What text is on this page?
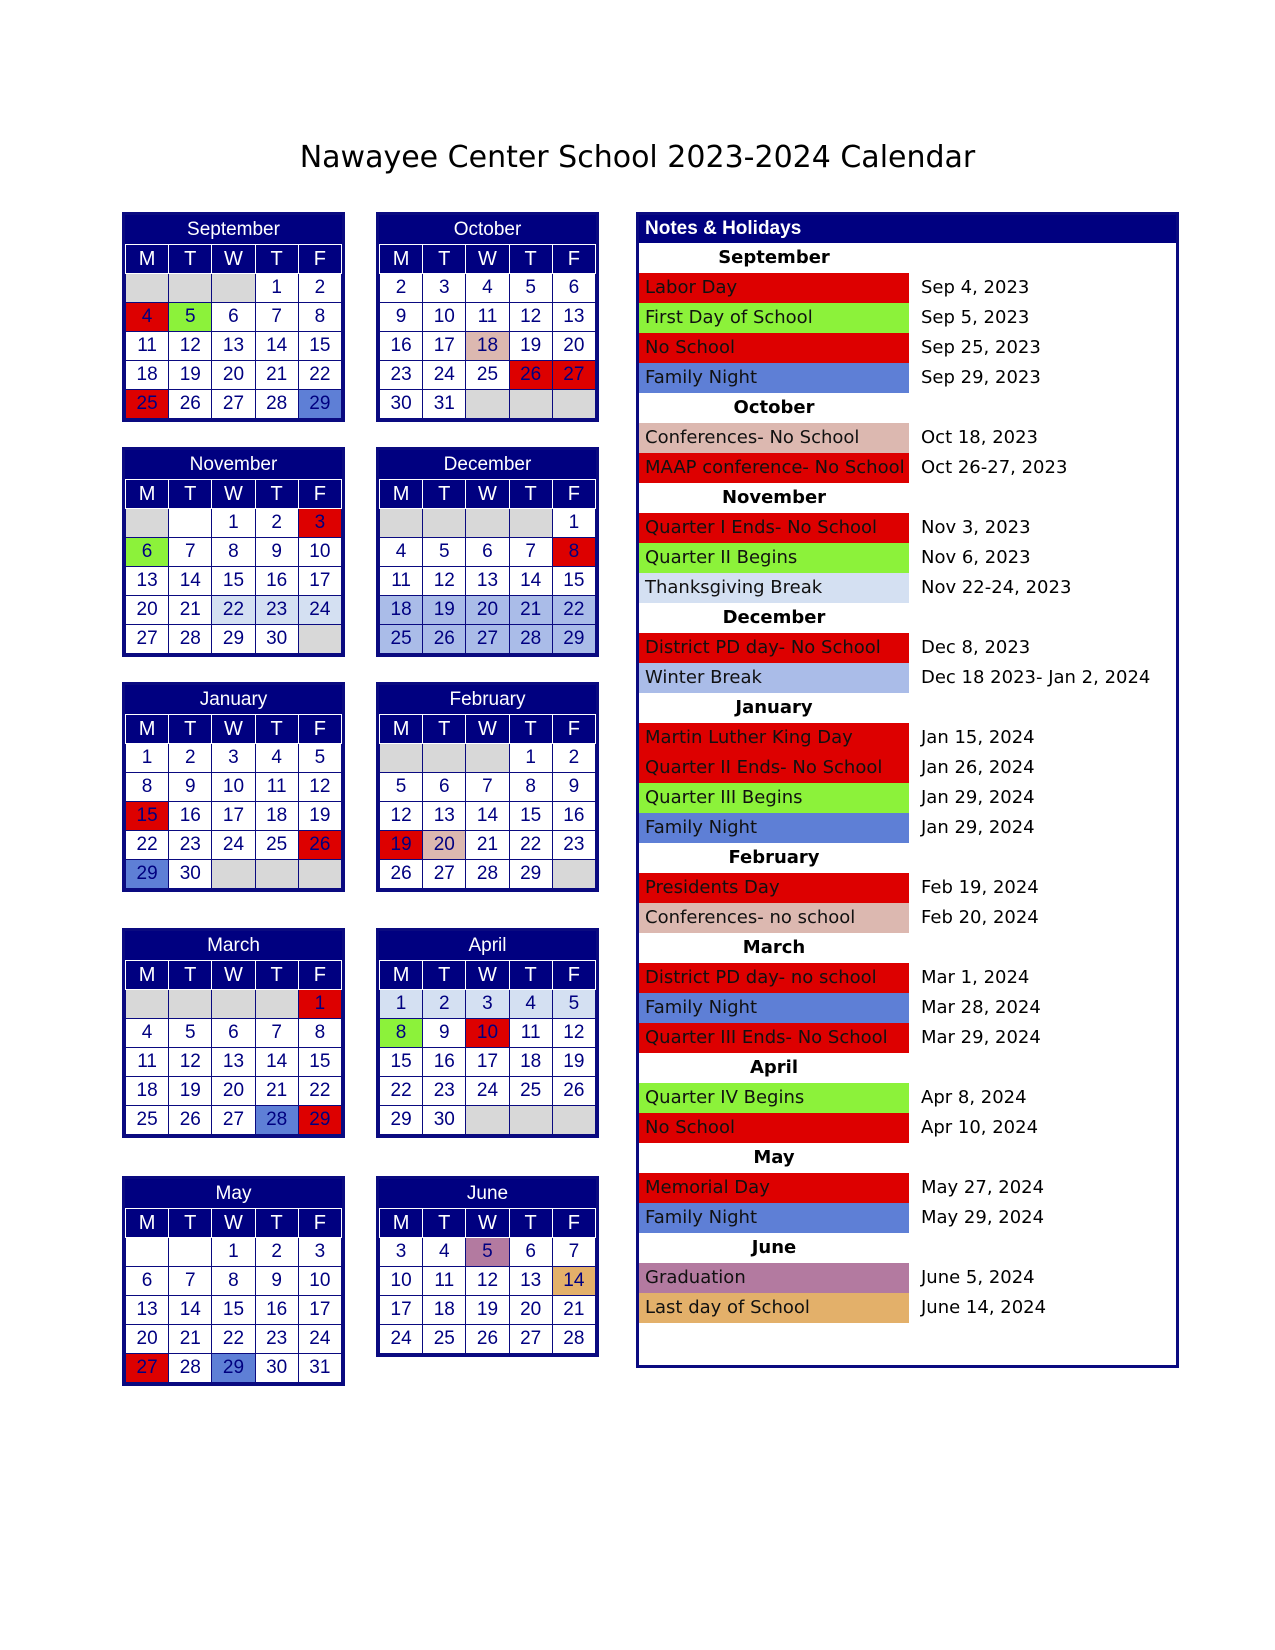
Nawayee Center School 2023-2024 Calendar
September
M	T	W	T	F
			1	2
4	5	6	7	8
11	12	13	14	15
18	19	20	21	22
25	26	27	28	29
October
M	T	W	T	F
2	3	4	5	6
9	10	11	12	13
16	17	18	19	20
23	24	25	26	27
30	31			
November
M	T	W	T	F
		1	2	3
6	7	8	9	10
13	14	15	16	17
20	21	22	23	24
27	28	29	30	
December
M	T	W	T	F
				1
4	5	6	7	8
11	12	13	14	15
18	19	20	21	22
25	26	27	28	29
January
M	T	W	T	F
1	2	3	4	5
8	9	10	11	12
15	16	17	18	19
22	23	24	25	26
29	30			
February
M	T	W	T	F
			1	2
5	6	7	8	9
12	13	14	15	16
19	20	21	22	23
26	27	28	29	
March
M	T	W	T	F
				1
4	5	6	7	8
11	12	13	14	15
18	19	20	21	22
25	26	27	28	29
April
M	T	W	T	F
1	2	3	4	5
8	9	10	11	12
15	16	17	18	19
22	23	24	25	26
29	30			
May
M	T	W	T	F
		1	2	3
6	7	8	9	10
13	14	15	16	17
20	21	22	23	24
27	28	29	30	31
June
M	T	W	T	F
3	4	5	6	7
10	11	12	13	14
17	18	19	20	21
24	25	26	27	28
Notes & Holidays
September
Labor Day	Sep 4, 2023
First Day of School	Sep 5, 2023
No School	Sep 25, 2023
Family Night	Sep 29, 2023
October
Conferences- No School	Oct 18, 2023
MAAP conference- No School Oct 26-27, 2023
November
Quarter I Ends- No School	Nov 3, 2023
Quarter II Begins	Nov 6, 2023
Thanksgiving Break	Nov 22-24, 2023
December
District PD day- No School	Dec 8, 2023
Winter Break	Dec 18 2023- Jan 2, 2024
January
Martin Luther King Day	Jan 15, 2024
Quarter II Ends- No School	Jan 26, 2024
Quarter III Begins	Jan 29, 2024
Family Night	Jan 29, 2024
February
Presidents Day	Feb 19, 2024
Conferences- no school	Feb 20, 2024
March
District PD day- no school	Mar 1, 2024
Family Night	Mar 28, 2024
Quarter III Ends- No School	Mar 29, 2024
April
Quarter IV Begins	Apr 8, 2024
No School	Apr 10, 2024
May
Memorial Day	May 27, 2024
Family Night	May 29, 2024
June
Graduation	June 5, 2024
Last day of School	June 14, 2024
